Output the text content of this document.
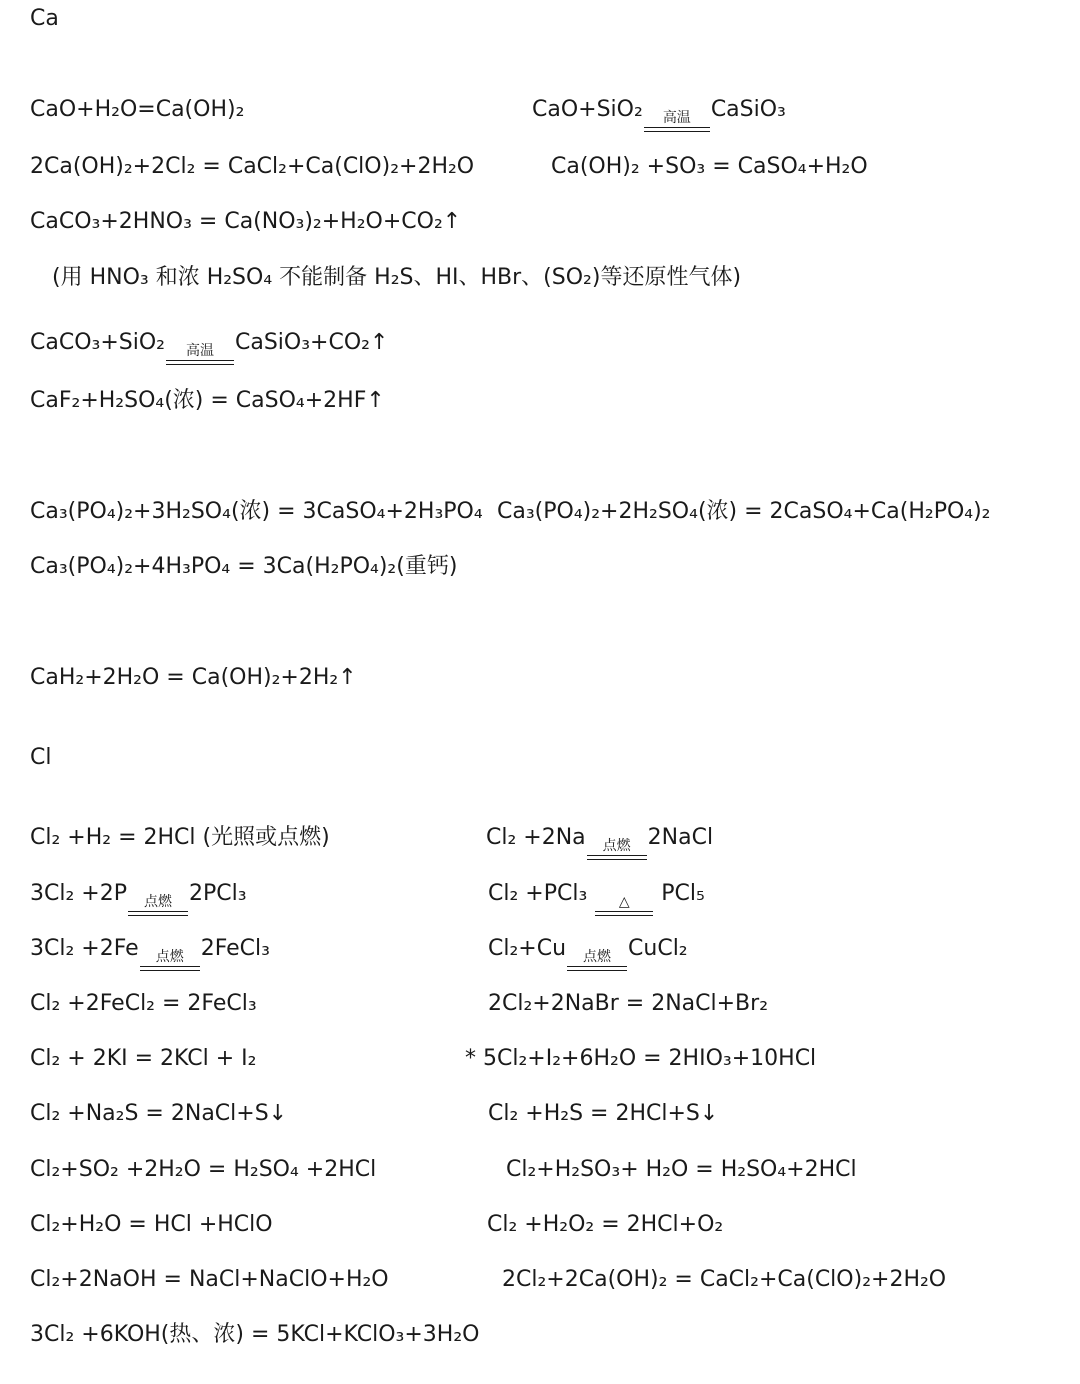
Ca
CaO+H₂O=Ca(OH)₂	CaO+SiO₂ 高温 CaSiO₃
2Ca(OH)₂+2Cl₂ = CaCl₂+Ca(ClO)₂+2H₂O	Ca(OH)₂ +SO₃ = CaSO₄+H₂O
CaCO₃+2HNO₃ = Ca(NO₃)₂+H₂O+CO₂↑
(用 HNO₃ 和浓 H₂SO₄ 不能制备 H₂S、HI、HBr、(SO₂)等还原性气体)
CaCO₃+SiO₂ 高温 CaSiO₃+CO₂↑
CaF₂+H₂SO₄(浓) = CaSO₄+2HF↑
Ca₃(PO₄)₂+3H₂SO₄(浓) = 3CaSO₄+2H₃PO₄ Ca₃(PO₄)₂+2H₂SO₄(浓) = 2CaSO₄+Ca(H₂PO₄)₂
Ca₃(PO₄)₂+4H₃PO₄ = 3Ca(H₂PO₄)₂(重钙)
CaH₂+2H₂O = Ca(OH)₂+2H₂↑
Cl
Cl₂ +H₂ = 2HCl (光照或点燃)	Cl₂ +2Na 点燃 2NaCl
3Cl₂ +2P 点燃 2PCl₃	Cl₂ +PCl₃ △ PCl₅
3Cl₂ +2Fe 点燃 2FeCl₃	Cl₂+Cu 点燃 CuCl₂
Cl₂ +2FeCl₂ = 2FeCl₃	2Cl₂+2NaBr = 2NaCl+Br₂
Cl₂ + 2KI = 2KCl + I₂	* 5Cl₂+I₂+6H₂O = 2HIO₃+10HCl
Cl₂ +Na₂S = 2NaCl+S↓	Cl₂ +H₂S = 2HCl+S↓
Cl₂+SO₂ +2H₂O = H₂SO₄ +2HCl	Cl₂+H₂SO₃+ H₂O = H₂SO₄+2HCl
Cl₂+H₂O = HCl +HClO	Cl₂ +H₂O₂ = 2HCl+O₂
Cl₂+2NaOH = NaCl+NaClO+H₂O	2Cl₂+2Ca(OH)₂ = CaCl₂+Ca(ClO)₂+2H₂O
3Cl₂ +6KOH(热、浓) = 5KCl+KClO₃+3H₂O
